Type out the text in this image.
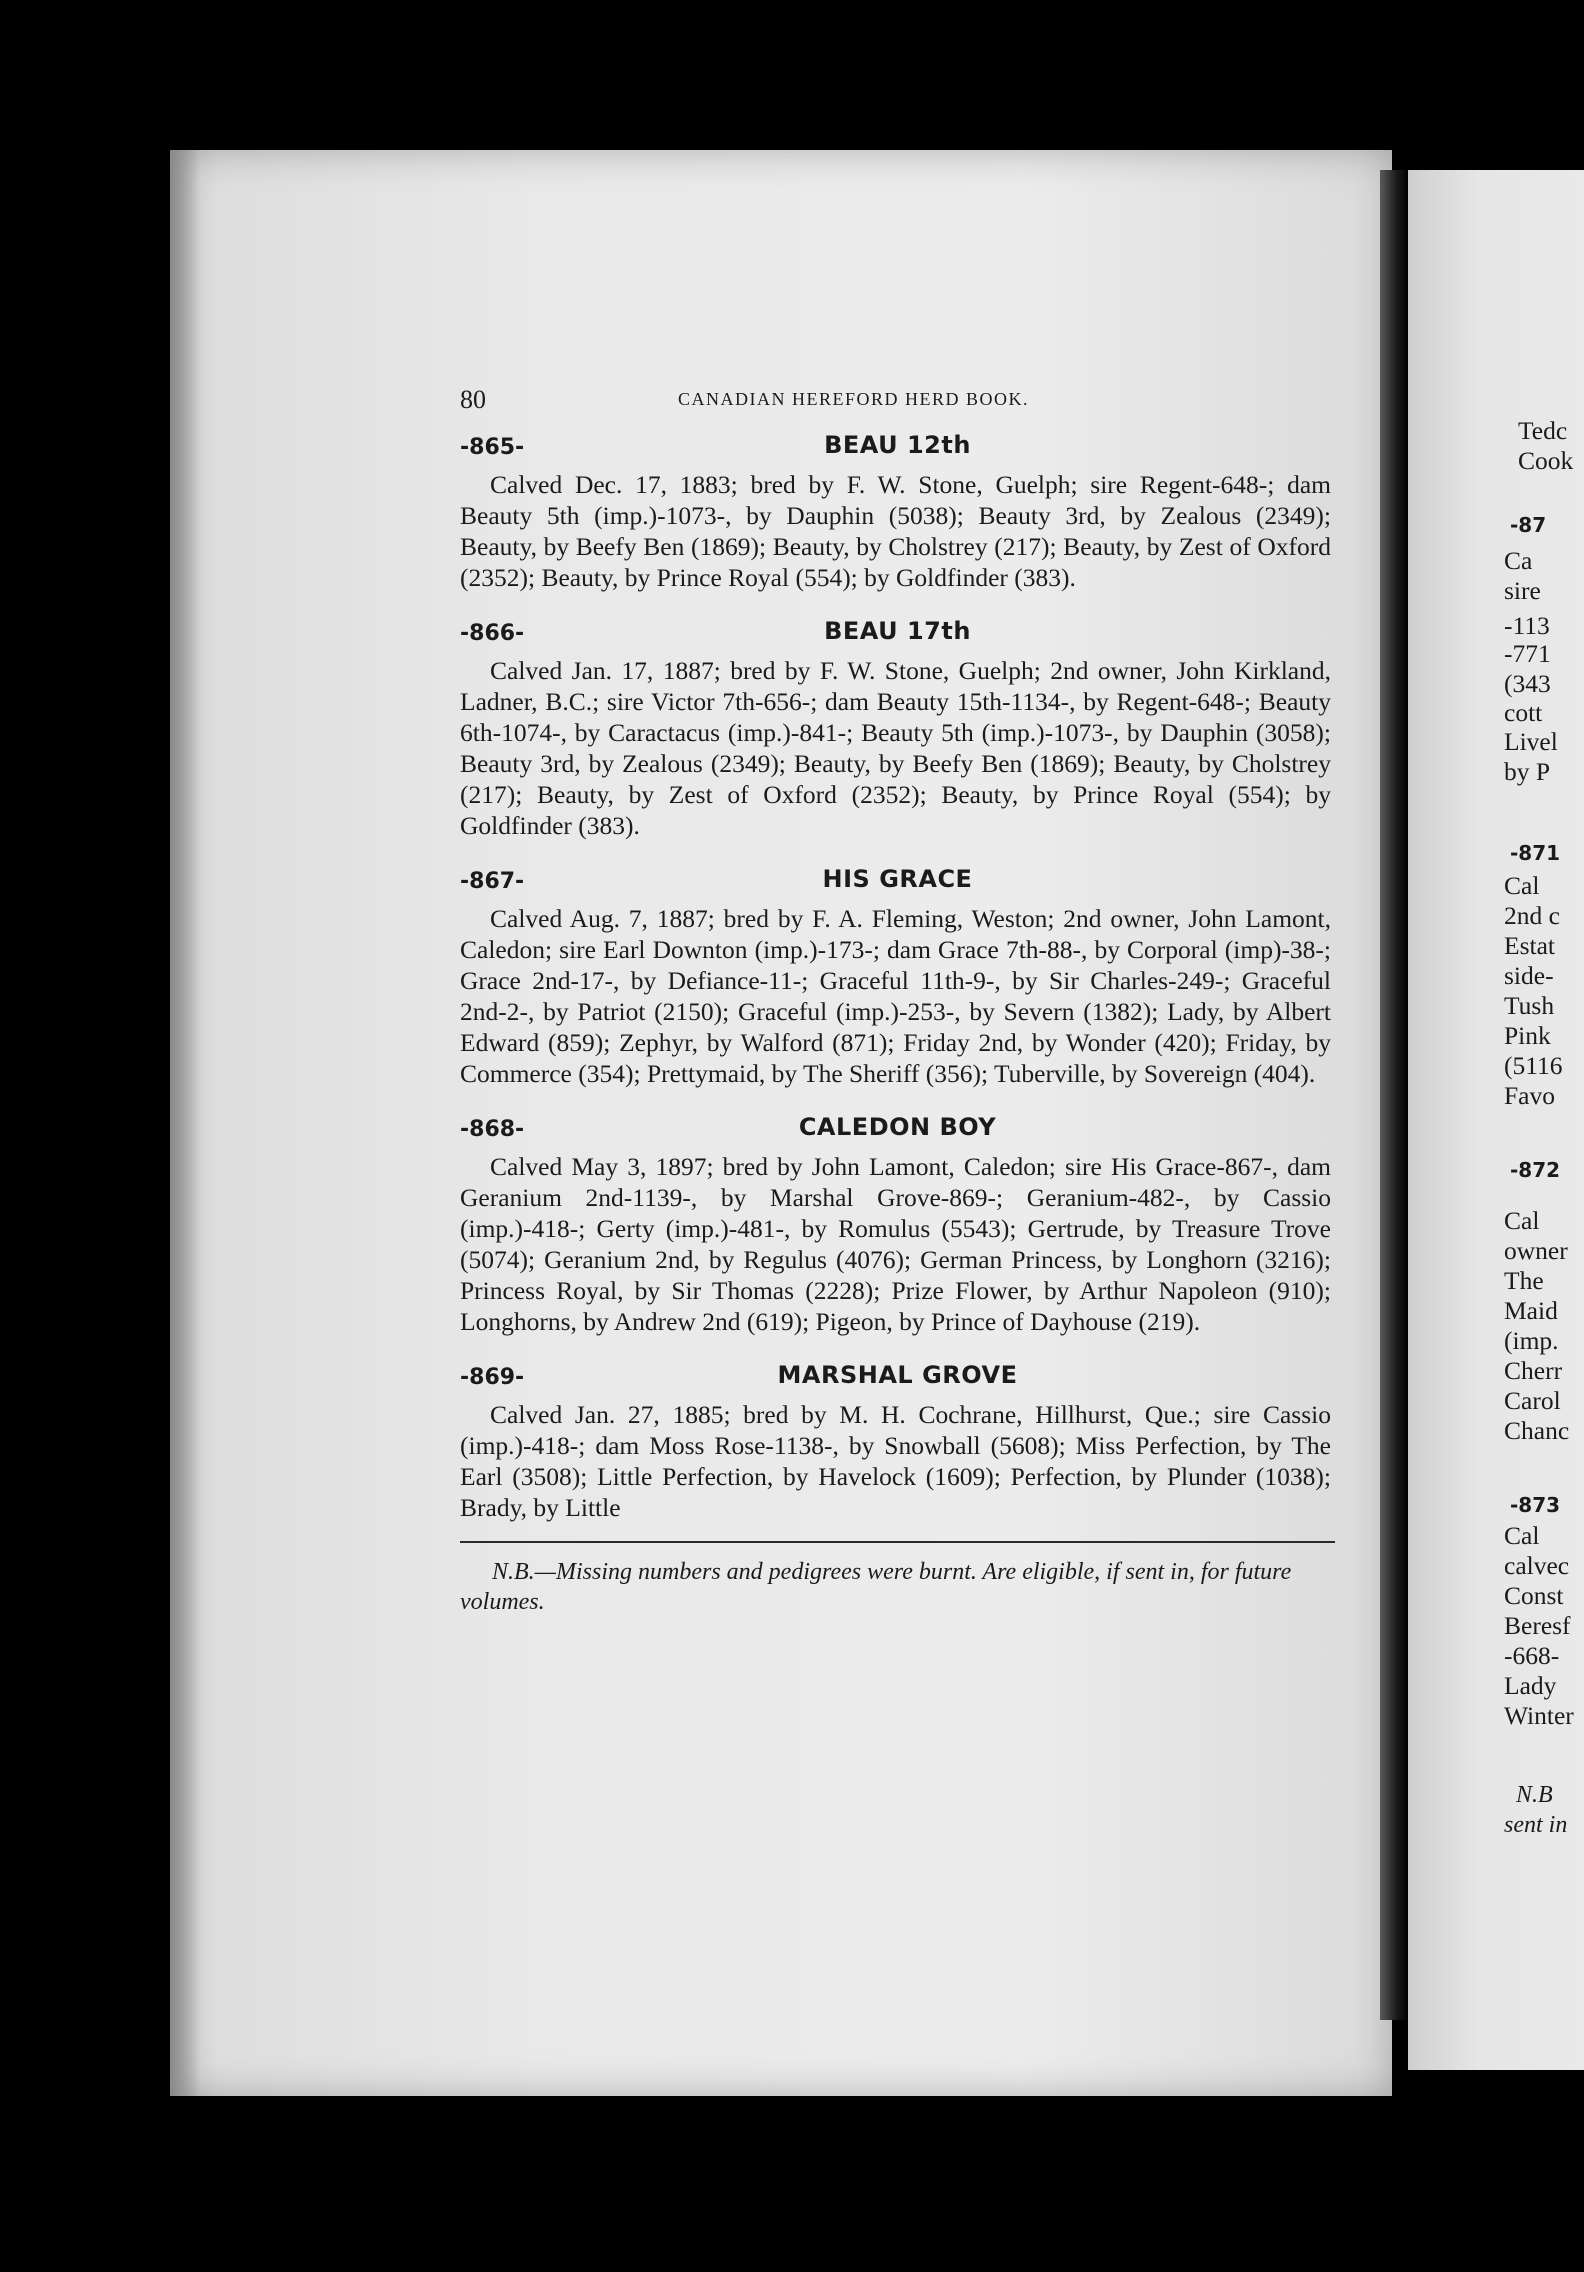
Tedc
Cook
-87
Ca
sire
-113
-771
(343
cott
Livel
by P
-871
Cal
2nd c
Estat
side-
Tush
Pink
(5116
Favo
-872
Cal
owner
The
Maid
(imp.
Cherr
Carol
Chanc
-873
Cal
calvec
Const
Beresf
-668-
Lady
Winter
N.B
sent in
80	CANADIAN HEREFORD HERD BOOK.
-865-	BEAU 12th

Calved Dec. 17, 1883; bred by F. W. Stone, Guelph; sire Regent-648-; dam Beauty 5th (imp.)-1073-, by Dauphin (5038); Beauty 3rd, by Zealous (2349); Beauty, by Beefy Ben (1869); Beauty, by Cholstrey (217); Beauty, by Zest of Oxford (2352); Beauty, by Prince Royal (554); by Goldfinder (383).

-866-	BEAU 17th

Calved Jan. 17, 1887; bred by F. W. Stone, Guelph; 2nd owner, John Kirkland, Ladner, B.C.; sire Victor 7th-656-; dam Beauty 15th-1134-, by Regent-648-; Beauty 6th-1074-, by Caractacus (imp.)-841-; Beauty 5th (imp.)-1073-, by Dauphin (3058); Beauty 3rd, by Zealous (2349); Beauty, by Beefy Ben (1869); Beauty, by Cholstrey (217); Beauty, by Zest of Oxford (2352); Beauty, by Prince Royal (554); by Goldfinder (383).

-867-	HIS GRACE

Calved Aug. 7, 1887; bred by F. A. Fleming, Weston; 2nd owner, John Lamont, Caledon; sire Earl Downton (imp.)-173-; dam Grace 7th-88-, by Corporal (imp)-38-; Grace 2nd-17-, by Defiance-11-; Graceful 11th-9-, by Sir Charles-249-; Graceful 2nd-2-, by Patriot (2150); Graceful (imp.)-253-, by Severn (1382); Lady, by Albert Edward (859); Zephyr, by Walford (871); Friday 2nd, by Wonder (420); Friday, by Commerce (354); Prettymaid, by The Sheriff (356); Tuberville, by Sovereign (404).

-868-	CALEDON BOY

Calved May 3, 1897; bred by John Lamont, Caledon; sire His Grace-867-, dam Geranium 2nd-1139-, by Marshal Grove-869-; Geranium-482-, by Cassio (imp.)-418-; Gerty (imp.)-481-, by Romulus (5543); Gertrude, by Treasure Trove (5074); Geranium 2nd, by Regulus (4076); German Princess, by Longhorn (3216); Princess Royal, by Sir Thomas (2228); Prize Flower, by Arthur Napoleon (910); Longhorns, by Andrew 2nd (619); Pigeon, by Prince of Dayhouse (219).

-869-	MARSHAL GROVE

Calved Jan. 27, 1885; bred by M. H. Cochrane, Hillhurst, Que.; sire Cassio (imp.)-418-; dam Moss Rose-1138-, by Snowball (5608); Miss Perfection, by The Earl (3508); Little Perfection, by Havelock (1609); Perfection, by Plunder (1038); Brady, by Little

N.B.—Missing numbers and pedigrees were burnt. Are eligible, if sent in, for future volumes.
